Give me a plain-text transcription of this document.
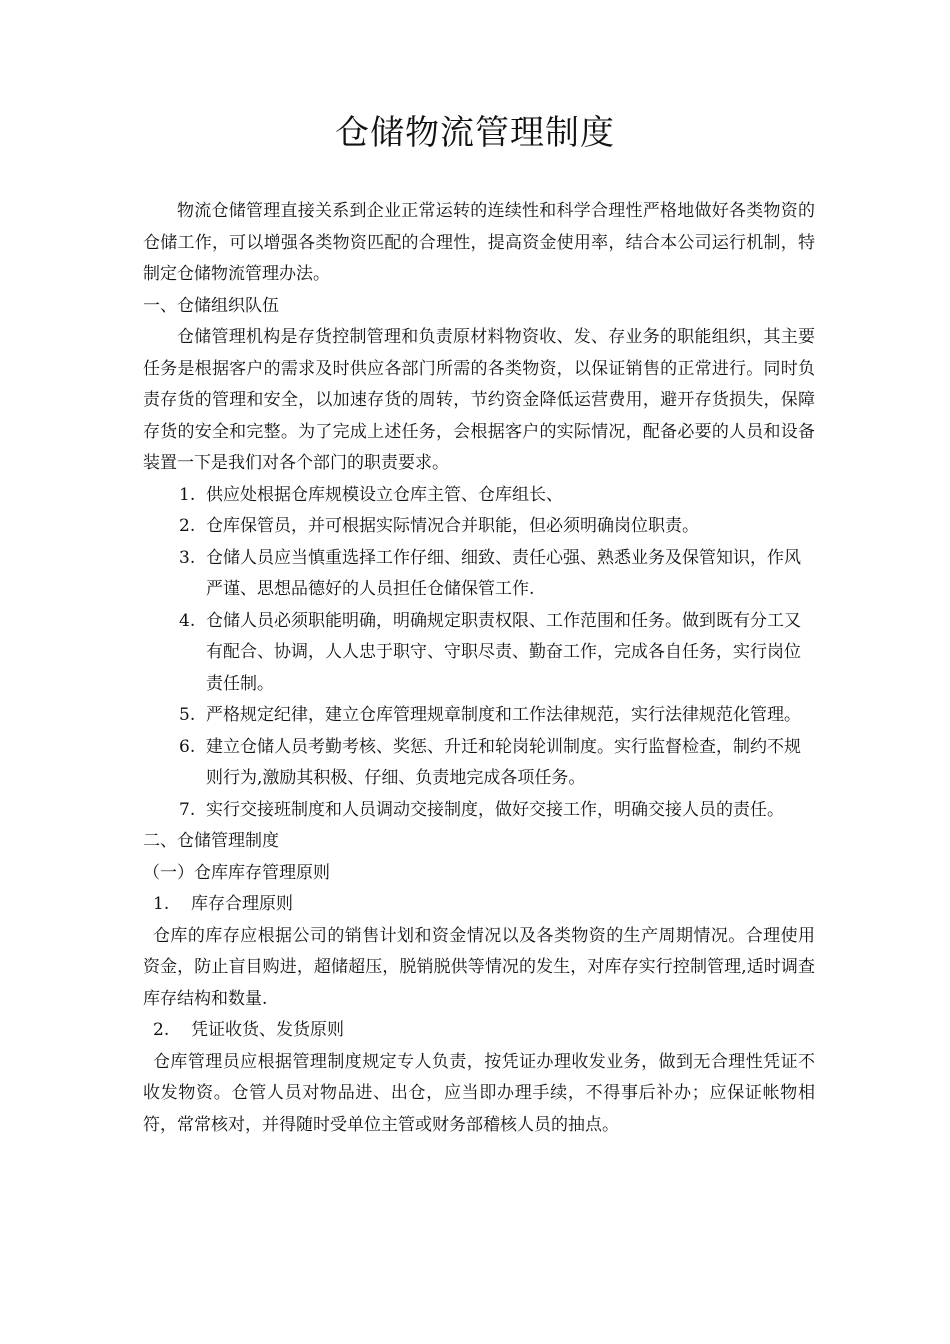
仓储物流管理制度

物流仓储管理直接关系到企业正常运转的连续性和科学合理性严格地做好各类物资的仓储工作，可以增强各类物资匹配的合理性，提高资金使用率，结合本公司运行机制，特制定仓储物流管理办法。

一、仓储组织队伍

仓储管理机构是存货控制管理和负责原材料物资收、发、存业务的职能组织，其主要任务是根据客户的需求及时供应各部门所需的各类物资，以保证销售的正常进行。同时负责存货的管理和安全，以加速存货的周转，节约资金降低运营费用，避开存货损失，保障存货的安全和完整。为了完成上述任务，会根据客户的实际情况，配备必要的人员和设备装置一下是我们对各个部门的职责要求。

1. 供应处根据仓库规模设立仓库主管、仓库组长、
2. 仓库保管员，并可根据实际情况合并职能，但必须明确岗位职责。
3. 仓储人员应当慎重选择工作仔细、细致、责任心强、熟悉业务及保管知识，作风严谨、思想品德好的人员担任仓储保管工作.
4. 仓储人员必须职能明确，明确规定职责权限、工作范围和任务。做到既有分工又有配合、协调，人人忠于职守、守职尽责、勤奋工作，完成各自任务，实行岗位责任制。
5. 严格规定纪律，建立仓库管理规章制度和工作法律规范，实行法律规范化管理。
6. 建立仓储人员考勤考核、奖惩、升迁和轮岗轮训制度。实行监督检查，制约不规则行为,激励其积极、仔细、负责地完成各项任务。
7. 实行交接班制度和人员调动交接制度，做好交接工作，明确交接人员的责任。

二、仓储管理制度

（一）仓库库存管理原则

1. 库存合理原则

仓库的库存应根据公司的销售计划和资金情况以及各类物资的生产周期情况。合理使用资金，防止盲目购进，超储超压，脱销脱供等情况的发生，对库存实行控制管理,适时调查库存结构和数量.

2. 凭证收货、发货原则

仓库管理员应根据管理制度规定专人负责，按凭证办理收发业务，做到无合理性凭证不收发物资。仓管人员对物品进、出仓，应当即办理手续，不得事后补办；应保证帐物相符，常常核对，并得随时受单位主管或财务部稽核人员的抽点。
